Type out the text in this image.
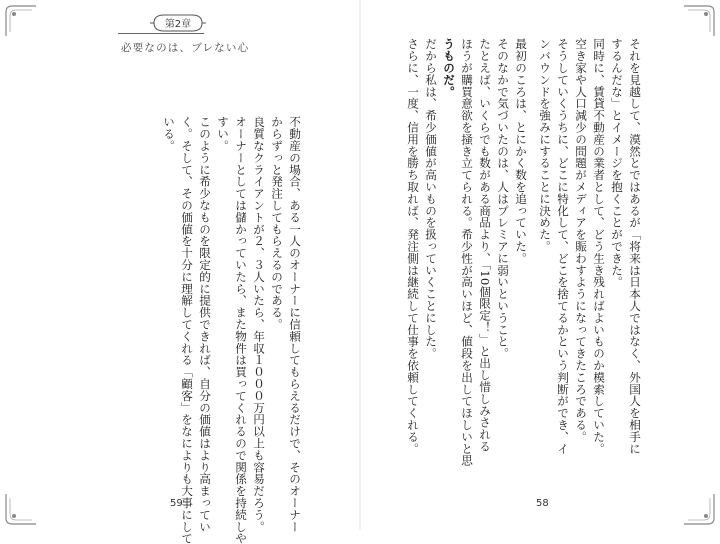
第2章
必要なのは、ブレない心
不動産の場合、ある一人のオーナーに信頼してもらえるだけで、そのオーナー
からずっと発注してもらえるのである。
良質なクライアントが２、３人いたら、年収１０００万円以上も容易だろう。
オーナーとしては儲かっていたら、また物件は買ってくれるので関係を持続しや
すい。
このように希少なものを限定的に提供できれば、自分の価値はより高まってい
く。そして、その価値を十分に理解してくれる「顧客」をなによりも大事にして
いる。
59
それを見越して、漠然とではあるが「将来は日本人ではなく、外国人を相手に
するんだな」とイメージを抱くことができた。
同時に、賃貸不動産の業者として、どう生き残ればよいものか模索していた。
空き家や人口減少の問題がメディアを賑わすようになってきたころである。
そうしていくうちに、どこに特化して、どこを捨てるかという判断ができ、イ
ンバウンドを強みにすることに決めた。
最初のころは、とにかく数を追っていた。
そのなかで気づいたのは、人はプレミアに弱いということ。
たとえば、いくらでも数がある商品より、「10個限定！」と出し惜しみされる
ほうが購買意欲を掻き立てられる。希少性が高いほど、値段を出してほしいと思
うものだ。
だから私は、希少価値が高いものを扱っていくことにした。
さらに、一度、信用を勝ち取れば、発注側は継続して仕事を依頼してくれる。
58
